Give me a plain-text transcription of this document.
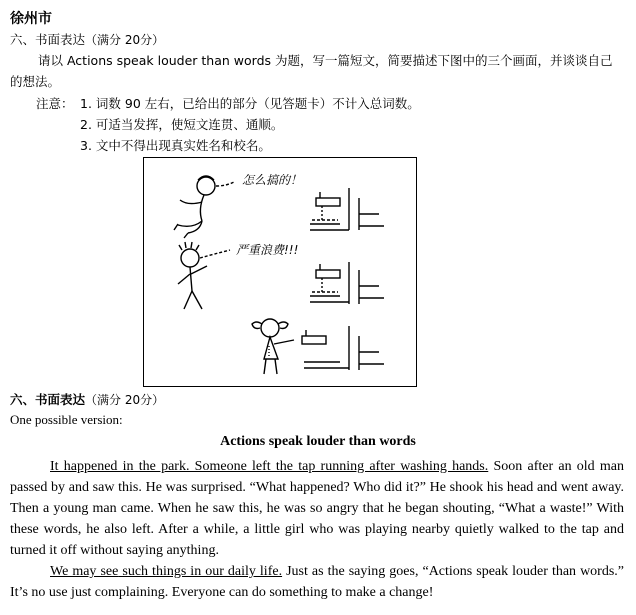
徐州市
六、书面表达（满分 20分）
请以 Actions speak louder than words 为题，写一篇短文，简要描述下图中的三个画面，并谈谈自己的想法。
注意： 1. 词数 90 左右，已给出的部分（见答题卡）不计入总词数。
2. 可适当发挥，使短文连贯、通顺。
3. 文中不得出现真实姓名和校名。
怎么搞的！
严重浪费!!!
六、书面表达（满分 20分）
One possible version:
Actions speak louder than words

It happened in the park. Someone left the tap running after washing hands. Soon after an old man passed by and saw this. He was surprised. “What happened? Who did it?” He shook his head and went away. Then a young man came. When he saw this, he was so angry that he began shouting, “What a waste!” With these words, he also left. After a while, a little girl who was playing nearby quietly walked to the tap and turned it off without saying anything.

We may see such things in our daily life. Just as the saying goes, “Actions speak louder than words.” It’s no use just complaining. Everyone can do something to make a change!
